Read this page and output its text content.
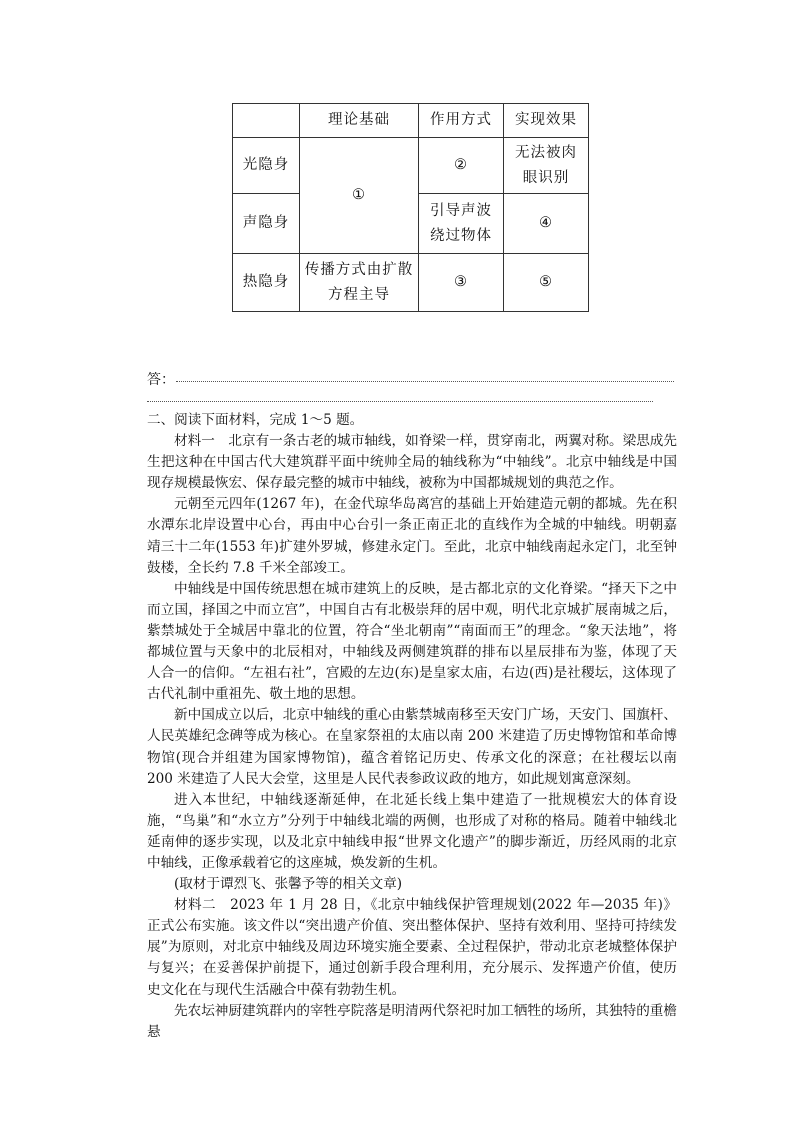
	理论基础	作用方式	实现效果
光隐身	①	②	无法被肉眼识别
声隐身		引导声波绕过物体	④
热隐身	传播方式由扩散方程主导	③	⑤
答：

二、阅读下面材料，完成 1～5 题。

材料一　北京有一条古老的城市轴线，如脊梁一样，贯穿南北，两翼对称。梁思成先生把这种在中国古代大建筑群平面中统帅全局的轴线称为“中轴线”。北京中轴线是中国现存规模最恢宏、保存最完整的城市中轴线，被称为中国都城规划的典范之作。

元朝至元四年(1267 年)，在金代琼华岛离宫的基础上开始建造元朝的都城。先在积水潭东北岸设置中心台，再由中心台引一条正南正北的直线作为全城的中轴线。明朝嘉靖三十二年(1553 年)扩建外罗城，修建永定门。至此，北京中轴线南起永定门，北至钟鼓楼，全长约 7.8 千米全部竣工。

中轴线是中国传统思想在城市建筑上的反映，是古都北京的文化脊梁。“择天下之中而立国，择国之中而立宫”，中国自古有北极崇拜的居中观，明代北京城扩展南城之后，紫禁城处于全城居中靠北的位置，符合“坐北朝南”“南面而王”的理念。“象天法地”，将都城位置与天象中的北辰相对，中轴线及两侧建筑群的排布以星辰排布为鉴，体现了天人合一的信仰。“左祖右社”，宫殿的左边(东)是皇家太庙，右边(西)是社稷坛，这体现了古代礼制中重祖先、敬土地的思想。

新中国成立以后，北京中轴线的重心由紫禁城南移至天安门广场，天安门、国旗杆、人民英雄纪念碑等成为核心。在皇家祭祖的太庙以南 200 米建造了历史博物馆和革命博物馆(现合并组建为国家博物馆)，蕴含着铭记历史、传承文化的深意；在社稷坛以南 200 米建造了人民大会堂，这里是人民代表参政议政的地方，如此规划寓意深刻。

进入本世纪，中轴线逐渐延伸，在北延长线上集中建造了一批规模宏大的体育设施，“鸟巢”和“水立方”分列于中轴线北端的两侧，也形成了对称的格局。随着中轴线北延南伸的逐步实现，以及北京中轴线申报“世界文化遗产”的脚步渐近，历经风雨的北京中轴线，正像承载着它的这座城，焕发新的生机。

(取材于谭烈飞、张馨予等的相关文章)

材料二　2023 年 1 月 28 日，《北京中轴线保护管理规划(2022 年—2035 年)》正式公布实施。该文件以“突出遗产价值、突出整体保护、坚持有效利用、坚持可持续发展”为原则，对北京中轴线及周边环境实施全要素、全过程保护，带动北京老城整体保护与复兴；在妥善保护前提下，通过创新手段合理利用，充分展示、发挥遗产价值，使历史文化在与现代生活融合中葆有勃勃生机。

先农坛神厨建筑群内的宰牲亭院落是明清两代祭祀时加工牺牲的场所，其独特的重檐悬
